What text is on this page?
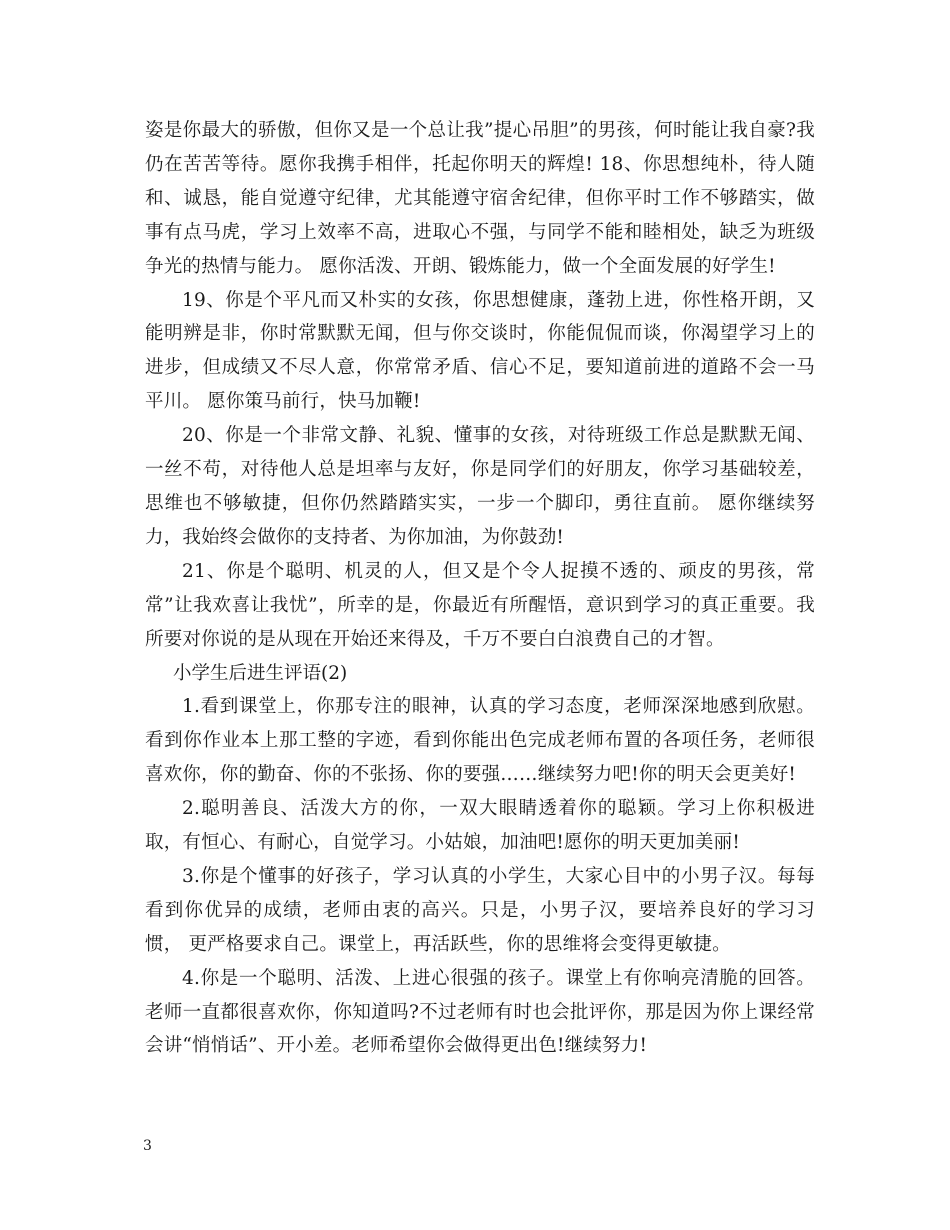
姿是你最大的骄傲，但你又是一个总让我”提心吊胆”的男孩，何时能让我自豪?我仍在苦苦等待。愿你我携手相伴，托起你明天的辉煌! 18、你思想纯朴，待人随和、诚恳，能自觉遵守纪律，尤其能遵守宿舍纪律，但你平时工作不够踏实，做事有点马虎，学习上效率不高，进取心不强，与同学不能和睦相处，缺乏为班级争光的热情与能力。 愿你活泼、开朗、锻炼能力，做一个全面发展的好学生!

19、你是个平凡而又朴实的女孩，你思想健康，蓬勃上进，你性格开朗，又能明辨是非，你时常默默无闻，但与你交谈时，你能侃侃而谈，你渴望学习上的进步，但成绩又不尽人意，你常常矛盾、信心不足，要知道前进的道路不会一马平川。 愿你策马前行，快马加鞭!

20、你是一个非常文静、礼貌、懂事的女孩，对待班级工作总是默默无闻、一丝不苟，对待他人总是坦率与友好，你是同学们的好朋友，你学习基础较差，思维也不够敏捷，但你仍然踏踏实实，一步一个脚印，勇往直前。 愿你继续努力，我始终会做你的支持者、为你加油，为你鼓劲!

21、你是个聪明、机灵的人，但又是个令人捉摸不透的、顽皮的男孩，常常”让我欢喜让我忧”，所幸的是，你最近有所醒悟，意识到学习的真正重要。我所要对你说的是从现在开始还来得及，千万不要白白浪费自己的才智。

小学生后进生评语(2)

1.看到课堂上，你那专注的眼神，认真的学习态度，老师深深地感到欣慰。看到你作业本上那工整的字迹，看到你能出色完成老师布置的各项任务，老师很喜欢你，你的勤奋、你的不张扬、你的要强……继续努力吧!你的明天会更美好!

2.聪明善良、活泼大方的你，一双大眼睛透着你的聪颖。学习上你积极进取，有恒心、有耐心，自觉学习。小姑娘，加油吧!愿你的明天更加美丽!

3.你是个懂事的好孩子，学习认真的小学生，大家心目中的小男子汉。每每看到你优异的成绩，老师由衷的高兴。只是，小男子汉，要培养良好的学习习惯， 更严格要求自己。课堂上，再活跃些，你的思维将会变得更敏捷。

4.你是一个聪明、活泼、上进心很强的孩子。课堂上有你响亮清脆的回答。老师一直都很喜欢你，你知道吗?不过老师有时也会批评你，那是因为你上课经常会讲“悄悄话”、开小差。老师希望你会做得更出色!继续努力!

3
